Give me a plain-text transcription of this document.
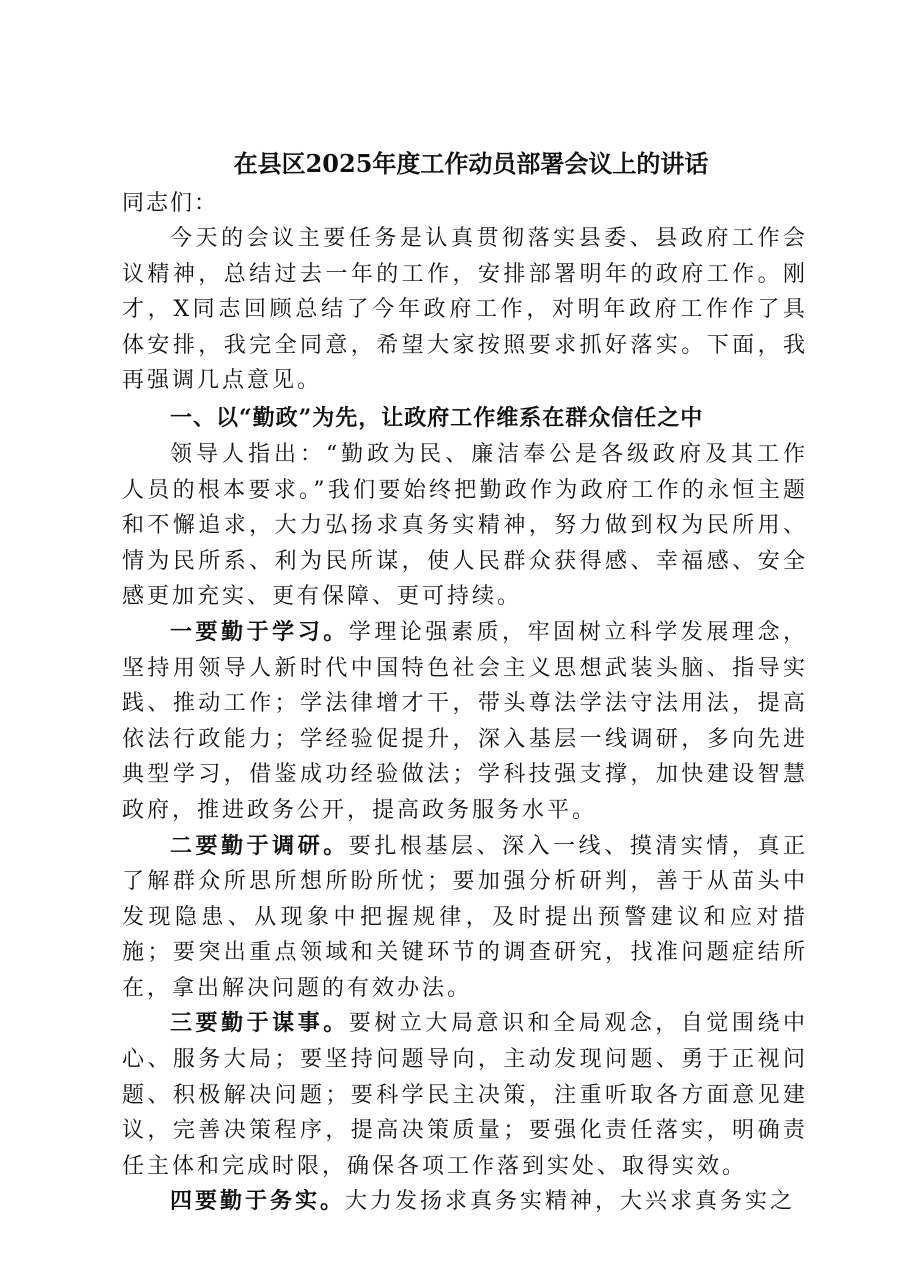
在县区2025年度工作动员部署会议上的讲话

同志们：

今天的会议主要任务是认真贯彻落实县委、县政府工作会议精神，总结过去一年的工作，安排部署明年的政府工作。刚才，X同志回顾总结了今年政府工作，对明年政府工作作了具体安排，我完全同意，希望大家按照要求抓好落实。下面，我再强调几点意见。

一、以“勤政”为先，让政府工作维系在群众信任之中

领导人指出：“勤政为民、廉洁奉公是各级政府及其工作人员的根本要求。”我们要始终把勤政作为政府工作的永恒主题和不懈追求，大力弘扬求真务实精神，努力做到权为民所用、情为民所系、利为民所谋，使人民群众获得感、幸福感、安全感更加充实、更有保障、更可持续。

一要勤于学习。学理论强素质，牢固树立科学发展理念，坚持用领导人新时代中国特色社会主义思想武装头脑、指导实践、推动工作；学法律增才干，带头尊法学法守法用法，提高依法行政能力；学经验促提升，深入基层一线调研，多向先进典型学习，借鉴成功经验做法；学科技强支撑，加快建设智慧政府，推进政务公开，提高政务服务水平。

二要勤于调研。要扎根基层、深入一线、摸清实情，真正了解群众所思所想所盼所忧；要加强分析研判，善于从苗头中发现隐患、从现象中把握规律，及时提出预警建议和应对措施；要突出重点领域和关键环节的调查研究，找准问题症结所在，拿出解决问题的有效办法。

三要勤于谋事。要树立大局意识和全局观念，自觉围绕中心、服务大局；要坚持问题导向，主动发现问题、勇于正视问题、积极解决问题；要科学民主决策，注重听取各方面意见建议，完善决策程序，提高决策质量；要强化责任落实，明确责任主体和完成时限，确保各项工作落到实处、取得实效。

四要勤于务实。大力发扬求真务实精神，大兴求真务实之
